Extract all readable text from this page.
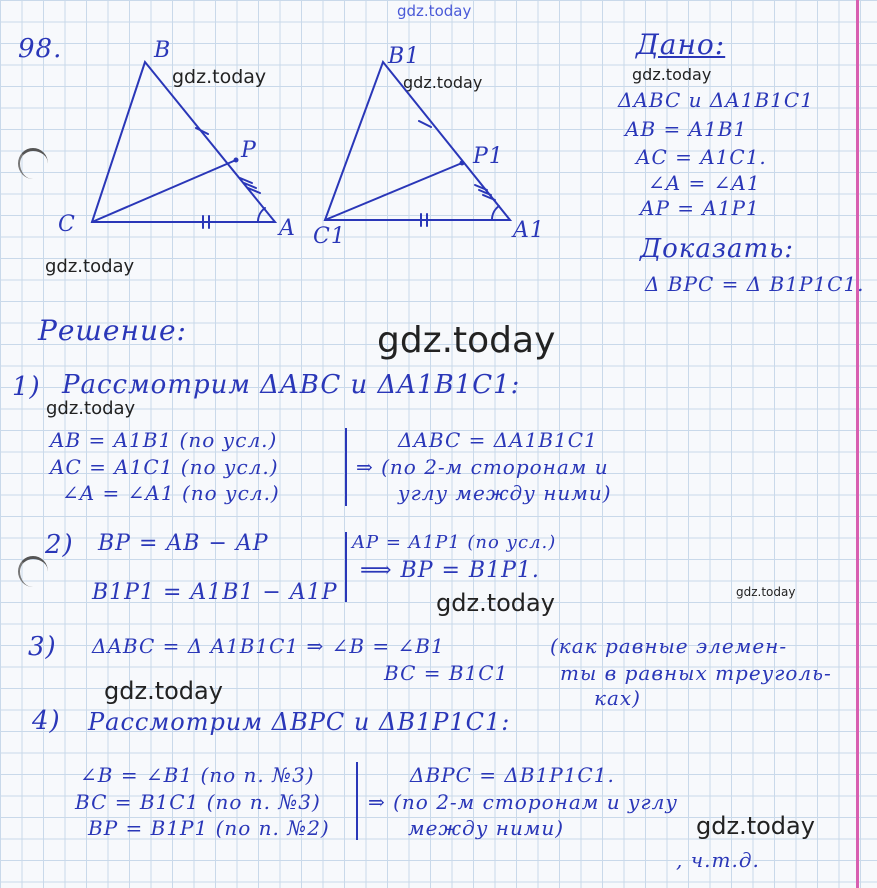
gdz.today
gdz.today	gdz.today	gdz.today
gdz.today
gdz.today
gdz.today
gdz.today	gdz.today
gdz.today
gdz.today
98.	B
P
C	A
B1
P1
C1	A1
Дано:
ΔABC и ΔA1B1C1
AB = A1B1
AC = A1C1.
∠A = ∠A1
AP = A1P1
Доказать:
Δ BPC = Δ B1P1C1.
Решение:
1) Рассмотрим ΔABC и ΔA1B1C1:
AB = A1B1 (по усл.)
AC = A1C1 (по усл.)
∠A = ∠A1 (по усл.)
ΔABC = ΔA1B1C1
⇒ (по 2-м сторонам и
углу между ними)
2) BP = AB − AP
B1P1 = A1B1 − A1P
AP = A1P1 (по усл.)
⟹ BP = B1P1.
3) ΔABC = Δ A1B1C1 ⇒ ∠B = ∠B1
BC = B1C1
(как равные элемен-
ты в равных треуголь-
ках)
4) Рассмотрим ΔBPC и ΔB1P1C1:
∠B = ∠B1 (по п. №3)
BC = B1C1 (по п. №3)
BP = B1P1 (по п. №2)
ΔBPC = ΔB1P1C1.
⇒ (по 2-м сторонам и углу
между ними)
, ч.т.д.
